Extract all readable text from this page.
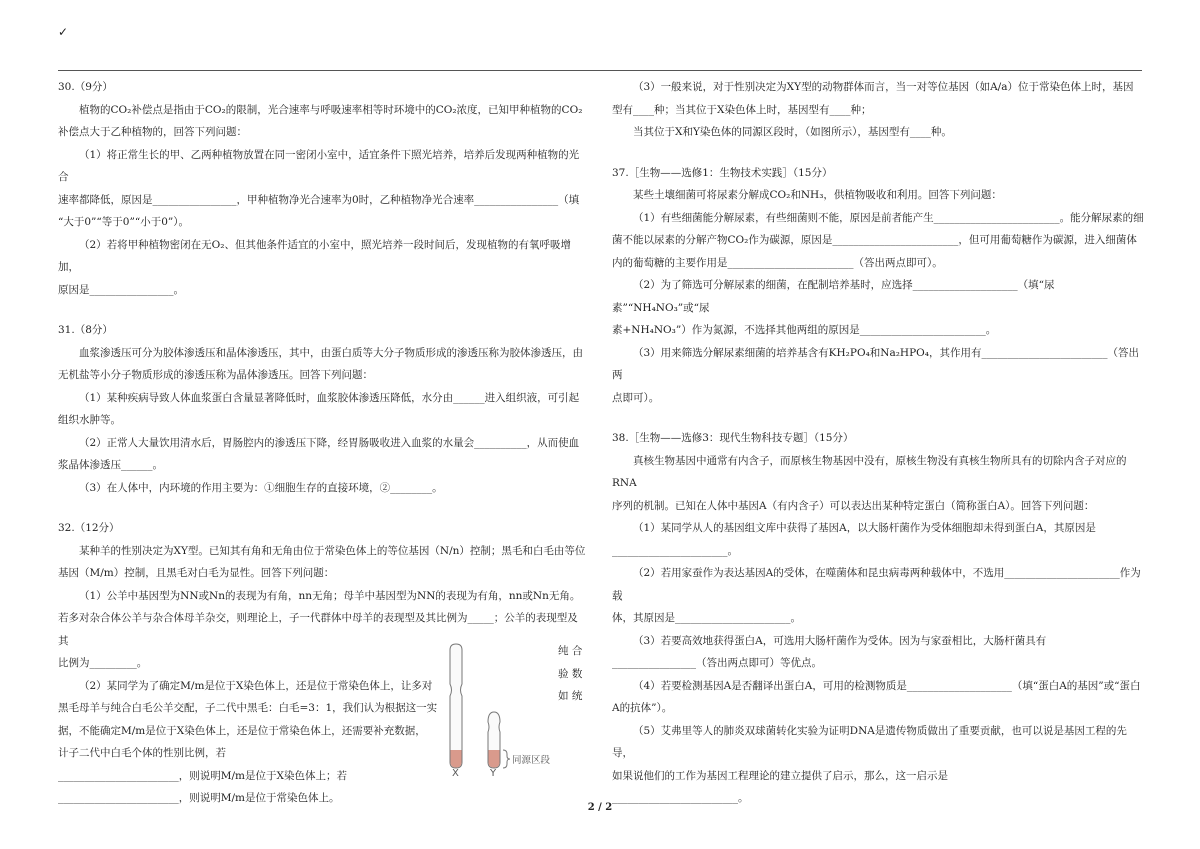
✓

30.（9分）

植物的CO₂补偿点是指由于CO₂的限制，光合速率与呼吸速率相等时环境中的CO₂浓度，已知甲种植物的CO₂

补偿点大于乙种植物的，回答下列问题：

（1）将正常生长的甲、乙两种植物放置在同一密闭小室中，适宜条件下照光培养，培养后发现两种植物的光合

速率都降低，原因是________________，甲种植物净光合速率为0时，乙种植物净光合速率________________（填

“大于0”“等于0”“小于0”）。

（2）若将甲种植物密闭在无O₂、但其他条件适宜的小室中，照光培养一段时间后，发现植物的有氧呼吸增加，

原因是________________。

31.（8分）

血浆渗透压可分为胶体渗透压和晶体渗透压，其中，由蛋白质等大分子物质形成的渗透压称为胶体渗透压，由

无机盐等小分子物质形成的渗透压称为晶体渗透压。回答下列问题：

（1）某种疾病导致人体血浆蛋白含量显著降低时，血浆胶体渗透压降低，水分由______进入组织液，可引起

组织水肿等。

（2）正常人大量饮用清水后，胃肠腔内的渗透压下降，经胃肠吸收进入血浆的水量会__________，从而使血

浆晶体渗透压______。

（3）在人体中，内环境的作用主要为：①细胞生存的直接环境，②________。

32.（12分）

某种羊的性别决定为XY型。已知其有角和无角由位于常染色体上的等位基因（N/n）控制；黑毛和白毛由等位

基因（M/m）控制，且黑毛对白毛为显性。回答下列问题：

（1）公羊中基因型为NN或Nn的表现为有角，nn无角；母羊中基因型为NN的表现为有角，nn或Nn无角。

若多对杂合体公羊与杂合体母羊杂交，则理论上，子一代群体中母羊的表现型及其比例为_____；公羊的表现型及其

比例为_________。

（2）某同学为了确定M/m是位于X染色体上，还是位于常染色体上，让多对

黑毛母羊与纯合白毛公羊交配，子二代中黑毛：白毛=3：1，我们认为根据这一实

据，不能确定M/m是位于X染色体上，还是位于常染色体上，还需要补充数据，

计子二代中白毛个体的性别比例，若

_______________________，则说明M/m是位于X染色体上；若

_______________________，则说明M/m是位于常染色体上。

纯 合
验 数
如 统
X	Y
同源区段

（3）一般来说，对于性别决定为XY型的动物群体而言，当一对等位基因（如A/a）位于常染色体上时，基因

型有____种；当其位于X染色体上时，基因型有____种；

当其位于X和Y染色体的同源区段时，（如图所示），基因型有____种。

37.［生物——选修1：生物技术实践］（15分）

某些土壤细菌可将尿素分解成CO₂和NH₃，供植物吸收和利用。回答下列问题：

（1）有些细菌能分解尿素，有些细菌则不能，原因是前者能产生________________________。能分解尿素的细

菌不能以尿素的分解产物CO₂作为碳源，原因是________________________，但可用葡萄糖作为碳源，进入细菌体

内的葡萄糖的主要作用是________________________（答出两点即可）。

（2）为了筛选可分解尿素的细菌，在配制培养基时，应选择____________________（填“尿素”“NH₄NO₃”或“尿

素+NH₄NO₃”）作为氮源，不选择其他两组的原因是________________________。

（3）用来筛选分解尿素细菌的培养基含有KH₂PO₄和Na₂HPO₄，其作用有________________________（答出两

点即可）。

38.［生物——选修3：现代生物科技专题］（15分）

真核生物基因中通常有内含子，而原核生物基因中没有，原核生物没有真核生物所具有的切除内含子对应的RNA

序列的机制。已知在人体中基因A（有内含子）可以表达出某种特定蛋白（简称蛋白A）。回答下列问题：

（1）某同学从人的基因组文库中获得了基因A，以大肠杆菌作为受体细胞却未得到蛋白A，其原因是

______________________。

（2）若用家蚕作为表达基因A的受体，在噬菌体和昆虫病毒两种载体中，不选用______________________作为载

体，其原因是______________________。

（3）若要高效地获得蛋白A，可选用大肠杆菌作为受体。因为与家蚕相比，大肠杆菌具有

________________（答出两点即可）等优点。

（4）若要检测基因A是否翻译出蛋白A，可用的检测物质是____________________（填“蛋白A的基因”或“蛋白

A的抗体”）。

（5）艾弗里等人的肺炎双球菌转化实验为证明DNA是遗传物质做出了重要贡献，也可以说是基因工程的先导，

如果说他们的工作为基因工程理论的建立提供了启示，那么，这一启示是

________________________。

2 / 2
